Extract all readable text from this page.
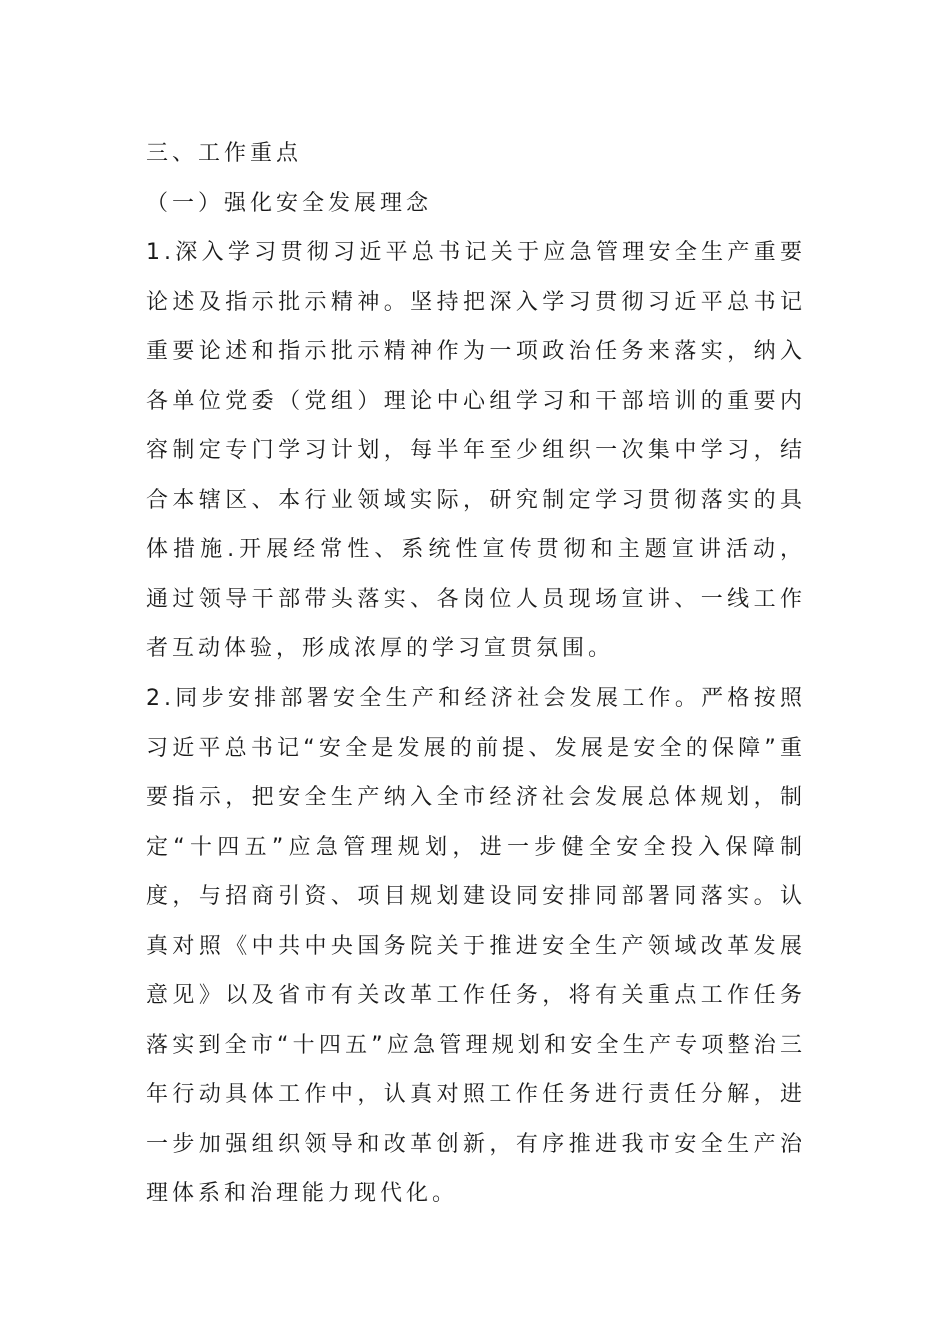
三、工作重点
（一）强化安全发展理念
1.深入学习贯彻习近平总书记关于应急管理安全生产重要论述及指示批示精神。坚持把深入学习贯彻习近平总书记重要论述和指示批示精神作为一项政治任务来落实，纳入各单位党委（党组）理论中心组学习和干部培训的重要内容制定专门学习计划，每半年至少组织一次集中学习，结合本辖区、本行业领域实际，研究制定学习贯彻落实的具体措施.开展经常性、系统性宣传贯彻和主题宣讲活动，通过领导干部带头落实、各岗位人员现场宣讲、一线工作者互动体验，形成浓厚的学习宣贯氛围。
2.同步安排部署安全生产和经济社会发展工作。严格按照习近平总书记“安全是发展的前提、发展是安全的保障”重要指示，把安全生产纳入全市经济社会发展总体规划，制定“十四五”应急管理规划，进一步健全安全投入保障制度，与招商引资、项目规划建设同安排同部署同落实。认真对照《中共中央国务院关于推进安全生产领域改革发展意见》以及省市有关改革工作任务，将有关重点工作任务落实到全市“十四五”应急管理规划和安全生产专项整治三年行动具体工作中，认真对照工作任务进行责任分解，进一步加强组织领导和改革创新，有序推进我市安全生产治理体系和治理能力现代化。
